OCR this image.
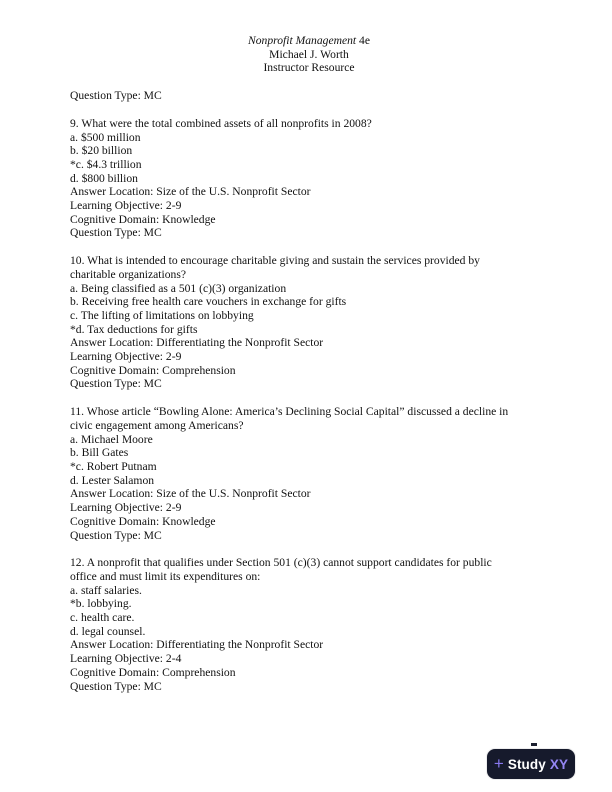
Nonprofit Management 4e
Michael J. Worth
Instructor Resource
Question Type: MC
9. What were the total combined assets of all nonprofits in 2008?
a. $500 million
b. $20 billion
*c. $4.3 trillion
d. $800 billion
Answer Location: Size of the U.S. Nonprofit Sector
Learning Objective: 2-9
Cognitive Domain: Knowledge
Question Type: MC
10. What is intended to encourage charitable giving and sustain the services provided by
charitable organizations?
a. Being classified as a 501 (c)(3) organization
b. Receiving free health care vouchers in exchange for gifts
c. The lifting of limitations on lobbying
*d. Tax deductions for gifts
Answer Location: Differentiating the Nonprofit Sector
Learning Objective: 2-9
Cognitive Domain: Comprehension
Question Type: MC
11. Whose article “Bowling Alone: America’s Declining Social Capital” discussed a decline in
civic engagement among Americans?
a. Michael Moore
b. Bill Gates
*c. Robert Putnam
d. Lester Salamon
Answer Location: Size of the U.S. Nonprofit Sector
Learning Objective: 2-9
Cognitive Domain: Knowledge
Question Type: MC
12. A nonprofit that qualifies under Section 501 (c)(3) cannot support candidates for public
office and must limit its expenditures on:
a. staff salaries.
*b. lobbying.
c. health care.
d. legal counsel.
Answer Location: Differentiating the Nonprofit Sector
Learning Objective: 2-4
Cognitive Domain: Comprehension
Question Type: MC
+ Study XY
